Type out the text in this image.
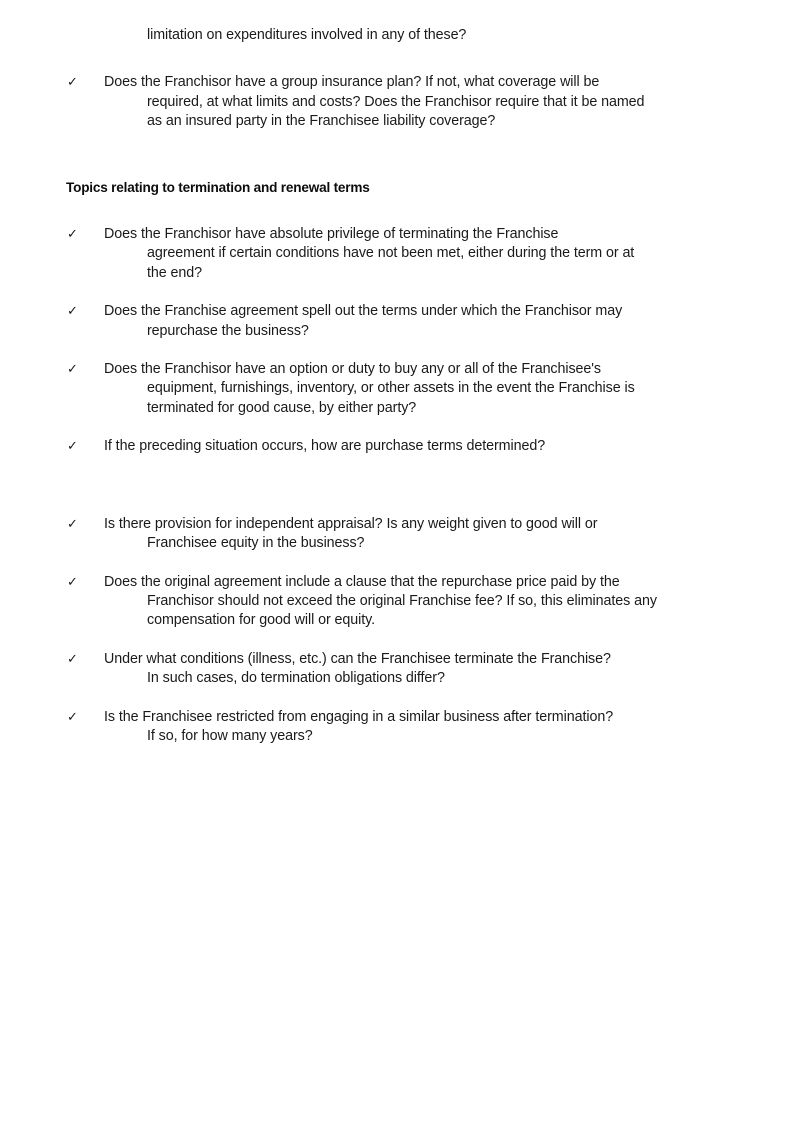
limitation on expenditures involved in any of these?

✓	Does the Franchisor have a group insurance plan? If not, what coverage will be
required, at what limits and costs? Does the Franchisor require that it be named
as an insured party in the Franchisee liability coverage?
Topics relating to termination and renewal terms
✓	Does the Franchisor have absolute privilege of terminating the Franchise
agreement if certain conditions have not been met, either during the term or at
the end?
✓	Does the Franchise agreement spell out the terms under which the Franchisor may
repurchase the business?
✓	Does the Franchisor have an option or duty to buy any or all of the Franchisee's
equipment, furnishings, inventory, or other assets in the event the Franchise is
terminated for good cause, by either party?
✓	If the preceding situation occurs, how are purchase terms determined?
✓	Is there provision for independent appraisal? Is any weight given to good will or
Franchisee equity in the business?
✓	Does the original agreement include a clause that the repurchase price paid by the
Franchisor should not exceed the original Franchise fee? If so, this eliminates any
compensation for good will or equity.
✓	Under what conditions (illness, etc.) can the Franchisee terminate the Franchise?
In such cases, do termination obligations differ?
✓	Is the Franchisee restricted from engaging in a similar business after termination?
If so, for how many years?
